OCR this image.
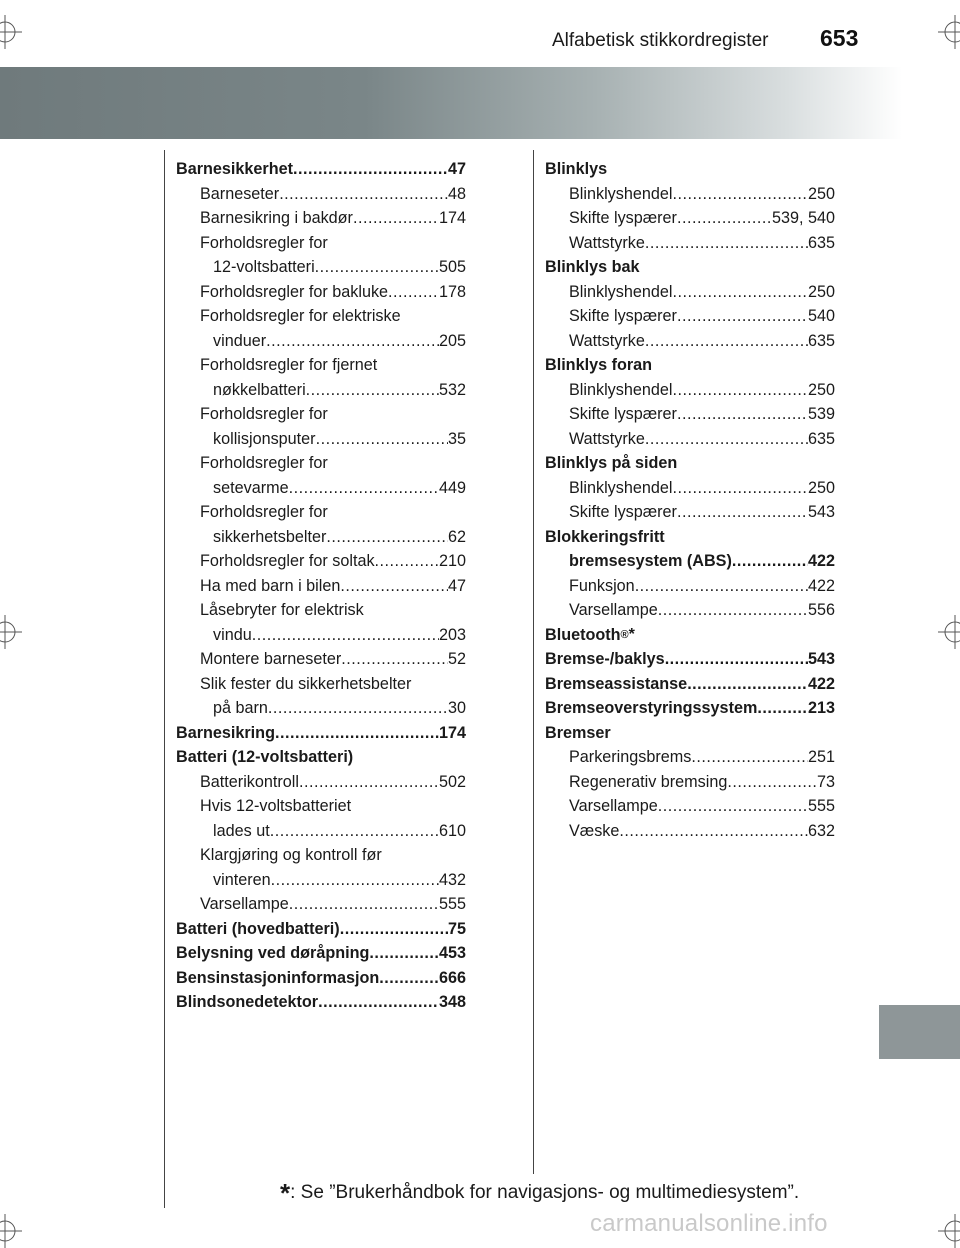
Alfabetisk stikkordregister 653
Barnesikkerhet .....	47
Barneseter .....	48
Barnesikring i bakdør .....	174
Forholdsregler for
12-voltsbatteri .....	505
Forholdsregler for bakluke .....	178
Forholdsregler for elektriske
vinduer .....	205
Forholdsregler for fjernet
nøkkelbatteri .....	532
Forholdsregler for
kollisjonsputer .....	35
Forholdsregler for
setevarme .....	449
Forholdsregler for
sikkerhetsbelter .....	62
Forholdsregler for soltak .....	210
Ha med barn i bilen .....	47
Låsebryter for elektrisk
vindu .....	203
Montere barneseter .....	52
Slik fester du sikkerhetsbelter
på barn .....	30
Barnesikring .....	174
Batteri (12-voltsbatteri)
Batterikontroll .....	502
Hvis 12-voltsbatteriet
lades ut .....	610
Klargjøring og kontroll før
vinteren .....	432
Varsellampe .....	555
Batteri (hovedbatteri) .....	75
Belysning ved døråpning .....	453
Bensinstasjoninformasjon .....	666
Blindsonedetektor .....	348
Blinklys
Blinklyshendel .....	250
Skifte lyspærer .....	539, 540
Wattstyrke .....	635
Blinklys bak
Blinklyshendel .....	250
Skifte lyspærer .....	540
Wattstyrke .....	635
Blinklys foran
Blinklyshendel .....	250
Skifte lyspærer .....	539
Wattstyrke .....	635
Blinklys på siden
Blinklyshendel .....	250
Skifte lyspærer .....	543
Blokkeringsfritt
bremsesystem (ABS) .....	422
Funksjon .....	422
Varsellampe .....	556
Bluetooth ® *
Bremse-/baklys .....	543
Bremseassistanse .....	422
Bremseoverstyringssystem .....	213
Bremser
Parkeringsbrems .....	251
Regenerativ bremsing .....	73
Varsellampe .....	555
Væske .....	632
*: Se ”Brukerhåndbok for navigasjons- og multimediesystem”.
carmanualsonline.info
